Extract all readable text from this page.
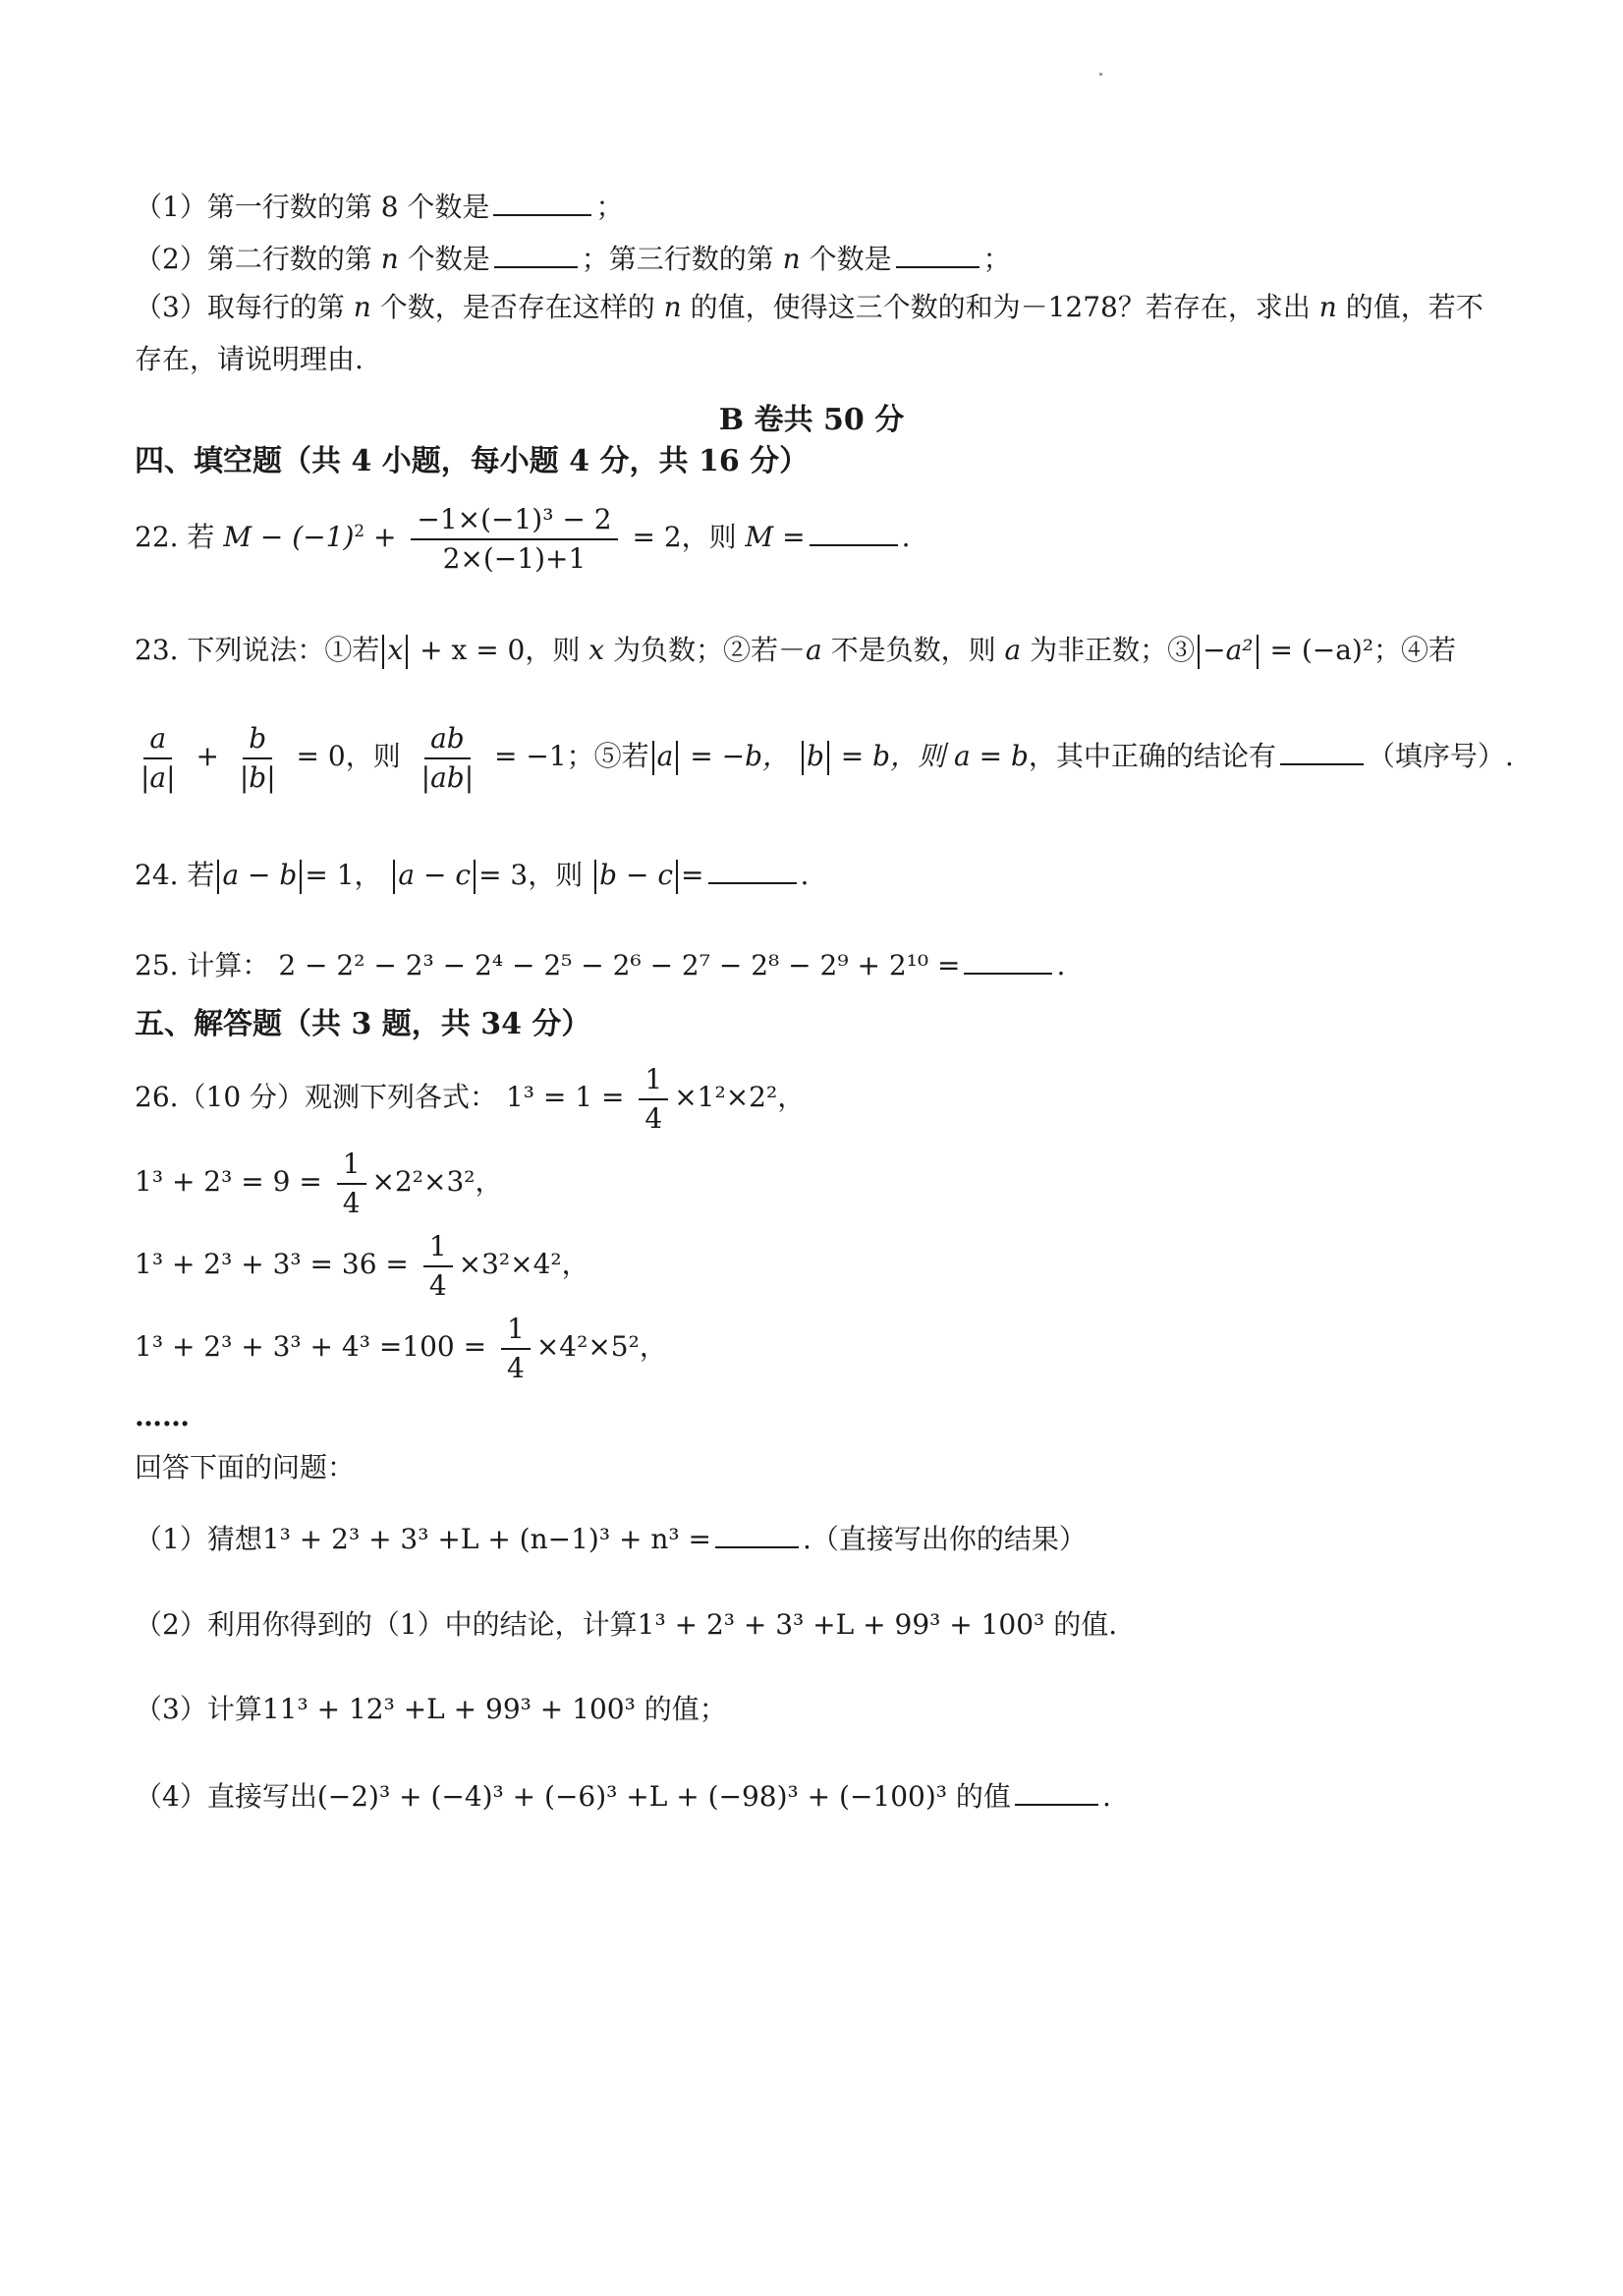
（1）第一行数的第 8 个数是	；
（2）第二行数的第 n 个数是	；第三行数的第 n 个数是	；
（3）取每行的第 n 个数，是否存在这样的 n 的值，使得这三个数的和为－1278？若存在，求出 n 的值，若不
存在，请说明理由.
B 卷共 50 分
四、填空题（共 4 小题，每小题 4 分，共 16 分）
22. 若 $M - (-1)^2 + \frac{\text{−1×(−1)³ − 2}}{2\times(-1)+1} = 2$，则 M =	.
23. 下列说法：①若 x + x = 0，则 x 为负数；②若－a 不是负数，则 a 为非正数；③ −a² = (−a)²；④若
$\frac{a}{|a|} + \frac{b}{|b|} = 0$，则 $\frac{ab}{|ab|} = -1$；⑤若 a = −b， b = b，则 a = b，其中正确的结论有	（填序号）.
24. 若 a − b = 1， a − c = 3，则 b − c =	.
25. 计算： 2 − 2² − 2³ − 2⁴ − 2⁵ − 2⁶ − 2⁷ − 2⁸ − 2⁹ + 2¹⁰ =	.
五、解答题（共 3 题，共 34 分）
26.（10 分）观测下列各式： $1^3 = 1 = \frac{1}{4} \times 1^2\times 2^2$，
$1^3 + 2^3 = 9 = \frac{1}{4} \times 2^2\times 3^2$，
$1^3 + 2^3 + 3^3 = 36 = \frac{1}{4} \times 3^2\times 4^2$，
$1^3 + 2^3 + 3^3 + 4^3 =100 = \frac{1}{4} \times 4^2\times 5^2$，
……
回答下面的问题：
（1）猜想1³ + 2³ + 3³ +L + (n−1)³ + n³ =	.（直接写出你的结果）
（2）利用你得到的（1）中的结论，计算1³ + 2³ + 3³ +L + 99³ + 100³ 的值.
（3）计算11³ + 12³ +L + 99³ + 100³ 的值；
（4）直接写出(−2)³ + (−4)³ + (−6)³ +L + (−98)³ + (−100)³ 的值	.
